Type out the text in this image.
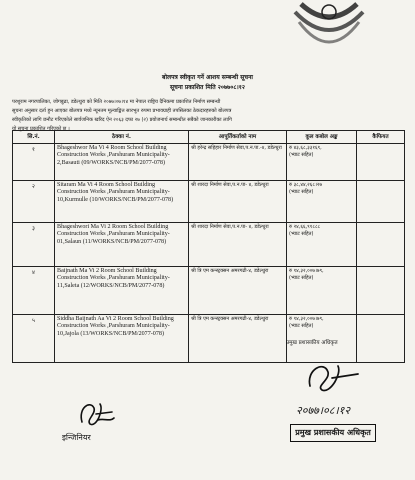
बोलपत्र स्वीकृत गर्ने आशय सम्बन्धी सूचना
सूचना प्रकाशित मिति २०७७०८।१२
परशुराम नगरपालिका, जोगबुढा, डडेल्धुरा को मिति २०७७।०७।१४ मा नेपाल राष्ट्रिय दैनिकमा प्रकाशित निर्माण सम्बन्धी
सूचना अनुसार दर्ता हुन आएका बोलपत्र मध्ये न्यूनतम मूल्याङ्कित सारभूत रुपमा प्रभावग्राही तपसिलका ठेकदारहरुको बोलपत्र
स्वीकृतिको लागि छनौट गरिएकोले सार्वजनिक खरिद ऐन २०६३ दफा २७ (२) प्रयोजनार्थ सम्बन्धीत सबैको जानकारीका लागि
यो सूचना प्रकाशित गरिएको छ ।
सि.नं.	ठेक्का नं.	आपूर्तिकर्ताको नाम	कूल कबोल अङ्क	कैफियत
१	Bhageshwor Ma Vi 4 Room School Building Construction Works ,Parshuram Municipality- 2,Basauti (09/WORKS/NCB/PM/2077-078)	श्री हरेन्द्र सहिहार निर्माण सेवा,प.न.पा.-४, डडेल्धुरा	रु ४३,६८,३३१६९,
(भ्याट सहित)	

२	Sitaram Ma Vi 4 Room School Building Construction Works ,Parshuram Municipality-10,Kurmulle (10/WORKS/NCB/PM/2077-078)	श्री शारदा निर्माण सेवा,प.न.पा- ४, डडेल्धुरा	रु ३८,४४,२६८।२७
(भ्याट सहित)	

३	Bhageshwori Ma Vi 2 Room School Building Construction Works ,Parshuram Municipality-01,Salaun (11/WORKS/NCB/PM/2077-078)	श्री शारदा निर्माण सेवा,प.न.पा- ४, डडेल्धुरा	रु २४,६६,९१८८८
(भ्याट सहित)	

४	Baijnath Ma Vi 2 Room School Building Construction Works ,Parshuram Municipality-11,Saleta (12/WORKS/NCB/PM/2077-078)	श्री त्रि एम कन्स्ट्रक्सन अमरगढी-४, डडेल्धुरा	रु १४,३२,००७।७९,
(भ्याट सहित)	

५	Siddha Baijnath Aa Vi 2 Room School Building Construction Works ,Parshuram Municipality-10,Jajola (13/WORKS/NCB/PM/2077-078)	श्री त्रि एम कन्स्ट्रक्सन अमरगढी-४, डडेल्धुरा	रु १४,३२,००७।७९,
(भ्याट सहित)	

इन्जिनियर
प्रमुख प्रशासकीय अधिकृत
२०७७।०८।१२
प्रमुख प्रशासकीय अधिकृत
